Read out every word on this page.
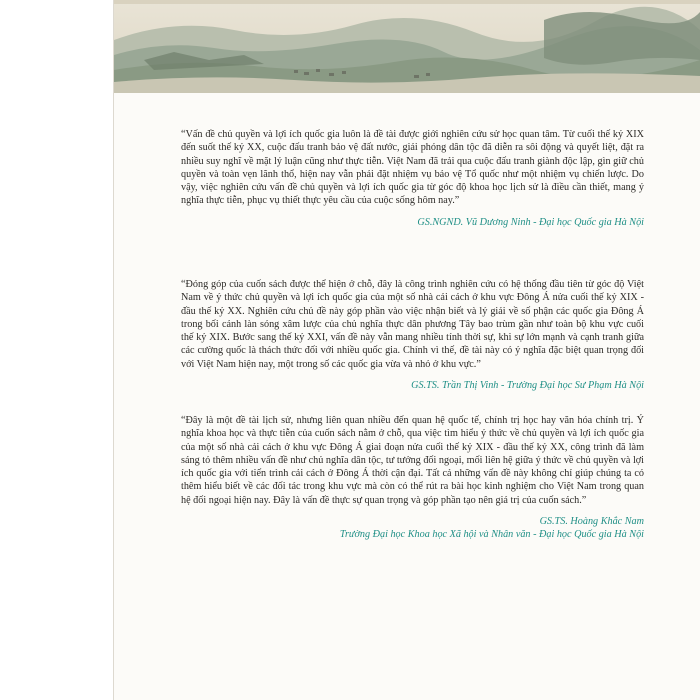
“Vấn đề chủ quyền và lợi ích quốc gia luôn là đề tài được giới nghiên cứu sử học quan tâm. Từ cuối thế kỷ XIX đến suốt thế kỷ XX, cuộc đấu tranh bảo vệ đất nước, giải phóng dân tộc đã diễn ra sôi động và quyết liệt, đặt ra nhiều suy nghĩ về mặt lý luận cũng như thực tiễn. Việt Nam đã trải qua cuộc đấu tranh giành độc lập, gìn giữ chủ quyền và toàn vẹn lãnh thổ, hiện nay vẫn phải đặt nhiệm vụ bảo vệ Tổ quốc như một nhiệm vụ chiến lược. Do vậy, việc nghiên cứu vấn đề chủ quyền và lợi ích quốc gia từ góc độ khoa học lịch sử là điều cần thiết, mang ý nghĩa thực tiễn, phục vụ thiết thực yêu cầu của cuộc sống hôm nay.”

GS.NGND. Vũ Dương Ninh - Đại học Quốc gia Hà Nội

“Đóng góp của cuốn sách được thể hiện ở chỗ, đây là công trình nghiên cứu có hệ thống đầu tiên từ góc độ Việt Nam về ý thức chủ quyền và lợi ích quốc gia của một số nhà cải cách ở khu vực Đông Á nửa cuối thế kỷ XIX - đầu thế kỷ XX. Nghiên cứu chủ đề này góp phần vào việc nhận biết và lý giải về số phận các quốc gia Đông Á trong bối cảnh làn sóng xâm lược của chủ nghĩa thực dân phương Tây bao trùm gần như toàn bộ khu vực cuối thế kỷ XIX. Bước sang thế kỷ XXI, vấn đề này vẫn mang nhiều tính thời sự, khi sự lớn mạnh và cạnh tranh giữa các cường quốc là thách thức đối với nhiều quốc gia. Chính vì thế, đề tài này có ý nghĩa đặc biệt quan trọng đối với Việt Nam hiện nay, một trong số các quốc gia vừa và nhỏ ở khu vực.”

GS.TS. Trần Thị Vinh - Trường Đại học Sư Phạm Hà Nội

“Đây là một đề tài lịch sử, nhưng liên quan nhiều đến quan hệ quốc tế, chính trị học hay văn hóa chính trị. Ý nghĩa khoa học và thực tiễn của cuốn sách nằm ở chỗ, qua việc tìm hiểu ý thức về chủ quyền và lợi ích quốc gia của một số nhà cải cách ở khu vực Đông Á giai đoạn nửa cuối thế kỷ XIX - đầu thế kỷ XX, công trình đã làm sáng tỏ thêm nhiều vấn đề như chủ nghĩa dân tộc, tư tưởng đối ngoại, mối liên hệ giữa ý thức về chủ quyền và lợi ích quốc gia với tiến trình cải cách ở Đông Á thời cận đại. Tất cả những vấn đề này không chỉ giúp chúng ta có thêm hiểu biết về các đối tác trong khu vực mà còn có thể rút ra bài học kinh nghiệm cho Việt Nam trong quan hệ đối ngoại hiện nay. Đây là vấn đề thực sự quan trọng và góp phần tạo nên giá trị của cuốn sách.”

GS.TS. Hoàng Khắc Nam
Trường Đại học Khoa học Xã hội và Nhân văn - Đại học Quốc gia Hà Nội
